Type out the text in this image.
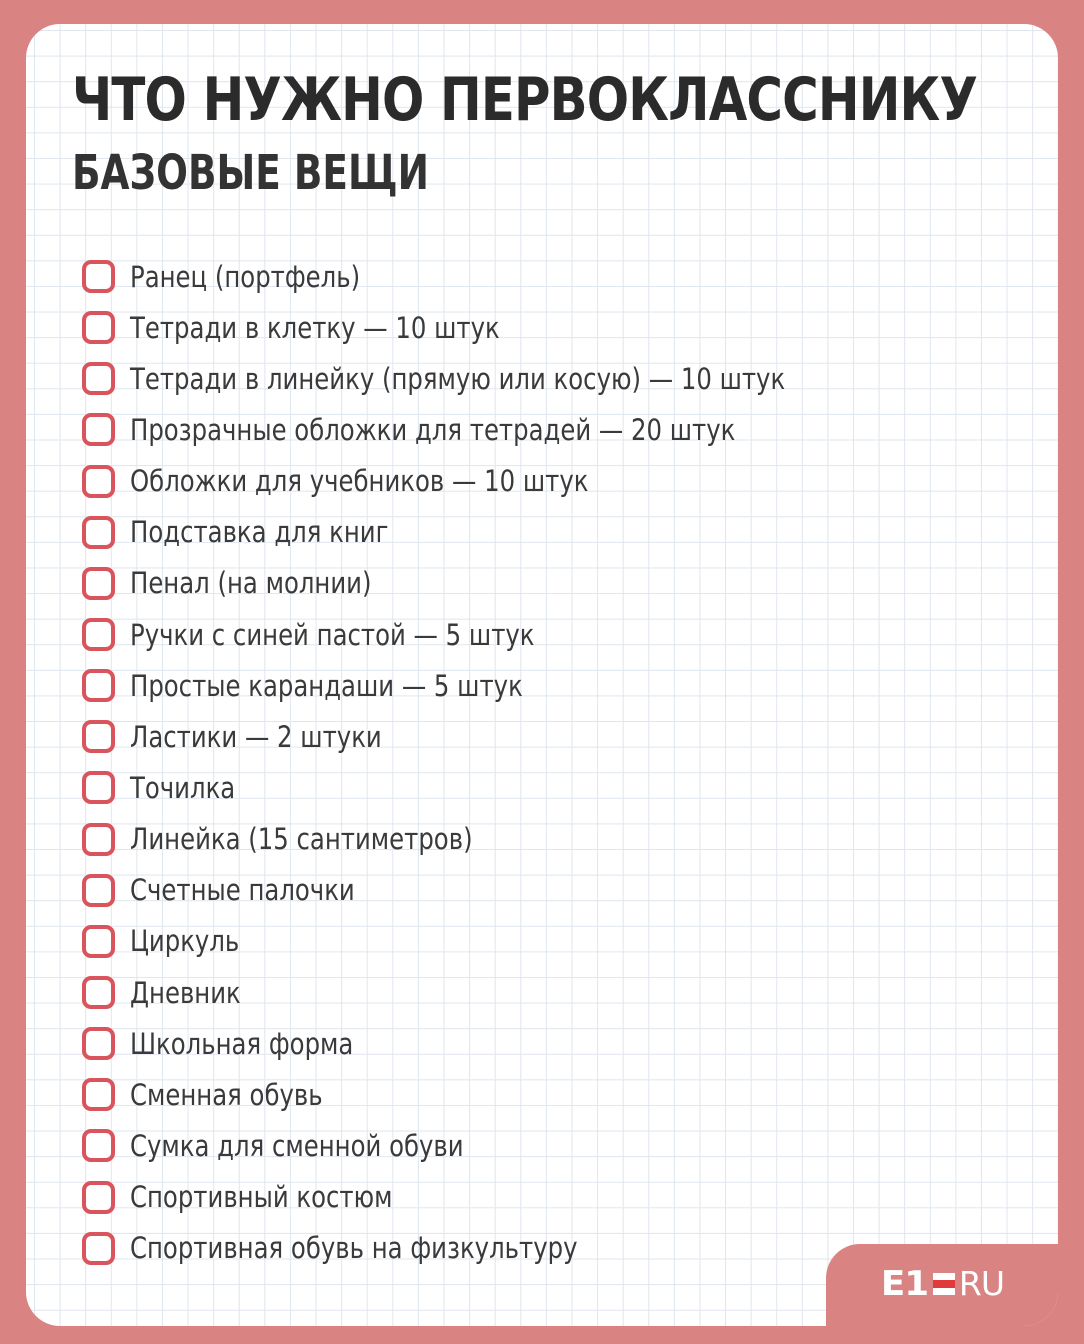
ЧТО НУЖНО ПЕРВОКЛАССНИКУ
БАЗОВЫЕ ВЕЩИ
Ранец (портфель)
Тетради в клетку — 10 штук
Тетради в линейку (прямую или косую) — 10 штук
Прозрачные обложки для тетрадей — 20 штук
Обложки для учебников — 10 штук
Подставка для книг
Пенал (на молнии)
Ручки с синей пастой — 5 штук
Простые карандаши — 5 штук
Ластики — 2 штуки
Точилка
Линейка (15 сантиметров)
Счетные палочки
Циркуль
Дневник
Школьная форма
Сменная обувь
Сумка для сменной обуви
Спортивный костюм
Спортивная обувь на физкультуру
E1 RU
